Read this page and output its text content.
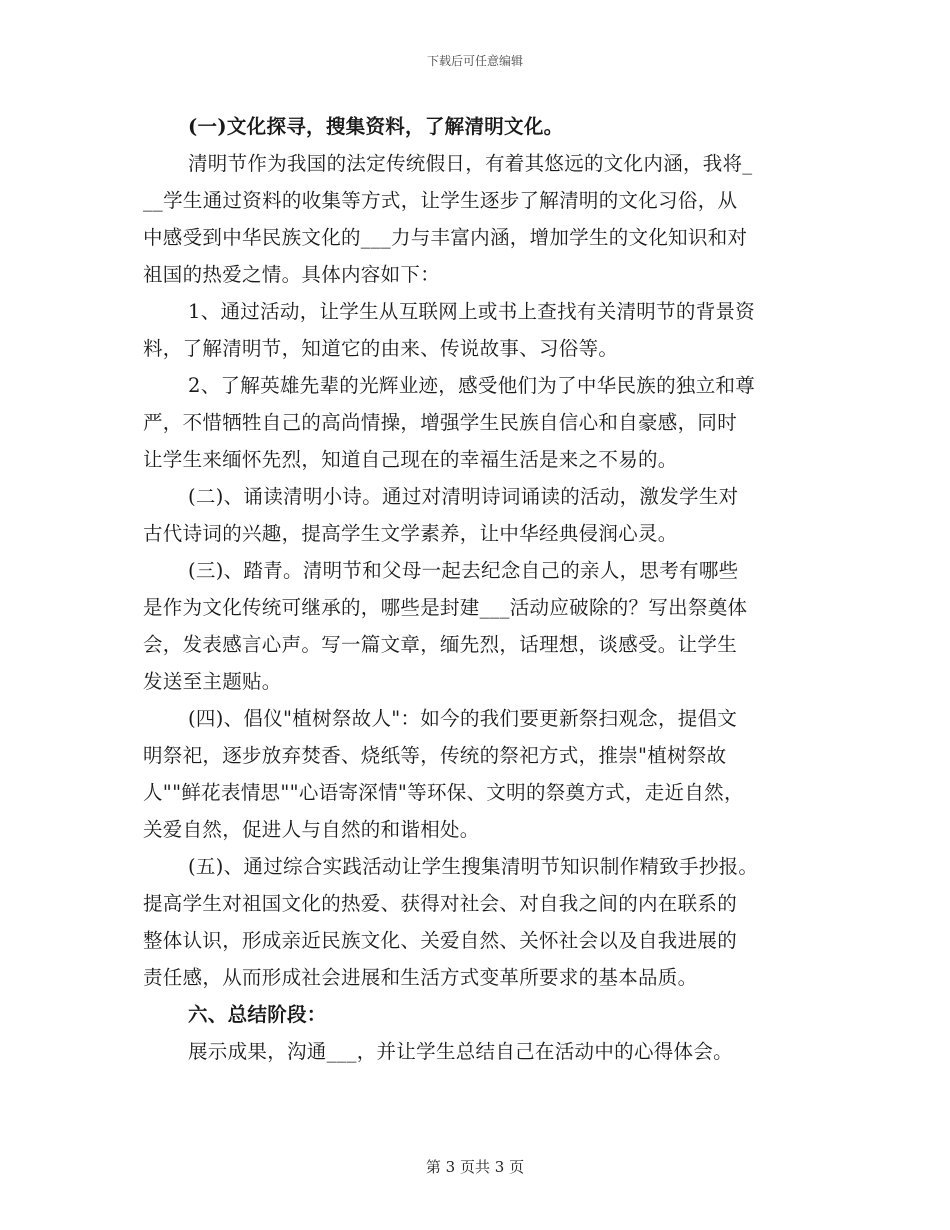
下载后可任意编辑
(一)文化探寻，搜集资料，了解清明文化。
清明节作为我国的法定传统假日，有着其悠远的文化内涵，我将_
__学生通过资料的收集等方式，让学生逐步了解清明的文化习俗，从
中感受到中华民族文化的___力与丰富内涵，增加学生的文化知识和对
祖国的热爱之情。具体内容如下：
1、通过活动，让学生从互联网上或书上查找有关清明节的背景资
料，了解清明节，知道它的由来、传说故事、习俗等。
2、了解英雄先辈的光辉业迹，感受他们为了中华民族的独立和尊
严，不惜牺牲自己的高尚情操，增强学生民族自信心和自豪感，同时
让学生来缅怀先烈，知道自己现在的幸福生活是来之不易的。
(二)、诵读清明小诗。通过对清明诗词诵读的活动，激发学生对
古代诗词的兴趣，提高学生文学素养，让中华经典侵润心灵。
(三)、踏青。清明节和父母一起去纪念自己的亲人，思考有哪些
是作为文化传统可继承的，哪些是封建___活动应破除的？写出祭奠体
会，发表感言心声。写一篇文章，缅先烈，话理想，谈感受。让学生
发送至主题贴。
(四)、倡仪"植树祭故人"：如今的我们要更新祭扫观念，提倡文
明祭祀，逐步放弃焚香、烧纸等，传统的祭祀方式，推崇"植树祭故
人""鲜花表情思""心语寄深情"等环保、文明的祭奠方式，走近自然，
关爱自然，促进人与自然的和谐相处。
(五)、通过综合实践活动让学生搜集清明节知识制作精致手抄报。
提高学生对祖国文化的热爱、获得对社会、对自我之间的内在联系的
整体认识，形成亲近民族文化、关爱自然、关怀社会以及自我进展的
责任感，从而形成社会进展和生活方式变革所要求的基本品质。
六、总结阶段：
展示成果，沟通___，并让学生总结自己在活动中的心得体会。
第 3 页共 3 页
